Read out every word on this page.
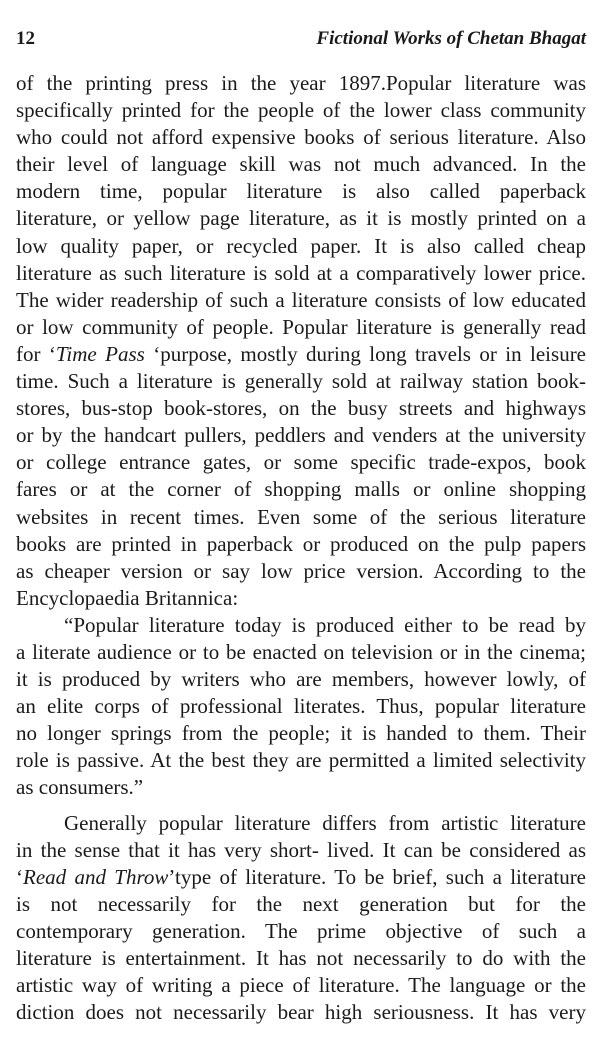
12	Fictional Works of Chetan Bhagat
of the printing press in the year 1897.Popular literature was
specifically printed for the people of the lower class community
who could not afford expensive books of serious literature. Also
their level of language skill was not much advanced. In the
modern time, popular literature is also called paperback
literature, or yellow page literature, as it is mostly printed on a
low quality paper, or recycled paper. It is also called cheap
literature as such literature is sold at a comparatively lower price.
The wider readership of such a literature consists of low educated
or low community of people. Popular literature is generally read
for ‘Time Pass ‘purpose, mostly during long travels or in leisure
time. Such a literature is generally sold at railway station book-
stores, bus-stop book-stores, on the busy streets and highways
or by the handcart pullers, peddlers and venders at the university
or college entrance gates, or some specific trade-expos, book
fares or at the corner of shopping malls or online shopping
websites in recent times. Even some of the serious literature
books are printed in paperback or produced on the pulp papers
as cheaper version or say low price version. According to the
Encyclopaedia Britannica:
“Popular literature today is produced either to be read by
a literate audience or to be enacted on television or in the cinema;
it is produced by writers who are members, however lowly, of
an elite corps of professional literates. Thus, popular literature
no longer springs from the people; it is handed to them. Their
role is passive. At the best they are permitted a limited selectivity
as consumers.”
Generally popular literature differs from artistic literature
in the sense that it has very short- lived. It can be considered as
‘Read and Throw’type of literature. To be brief, such a literature
is not necessarily for the next generation but for the
contemporary generation. The prime objective of such a
literature is entertainment. It has not necessarily to do with the
artistic way of writing a piece of literature. The language or the
diction does not necessarily bear high seriousness. It has very
